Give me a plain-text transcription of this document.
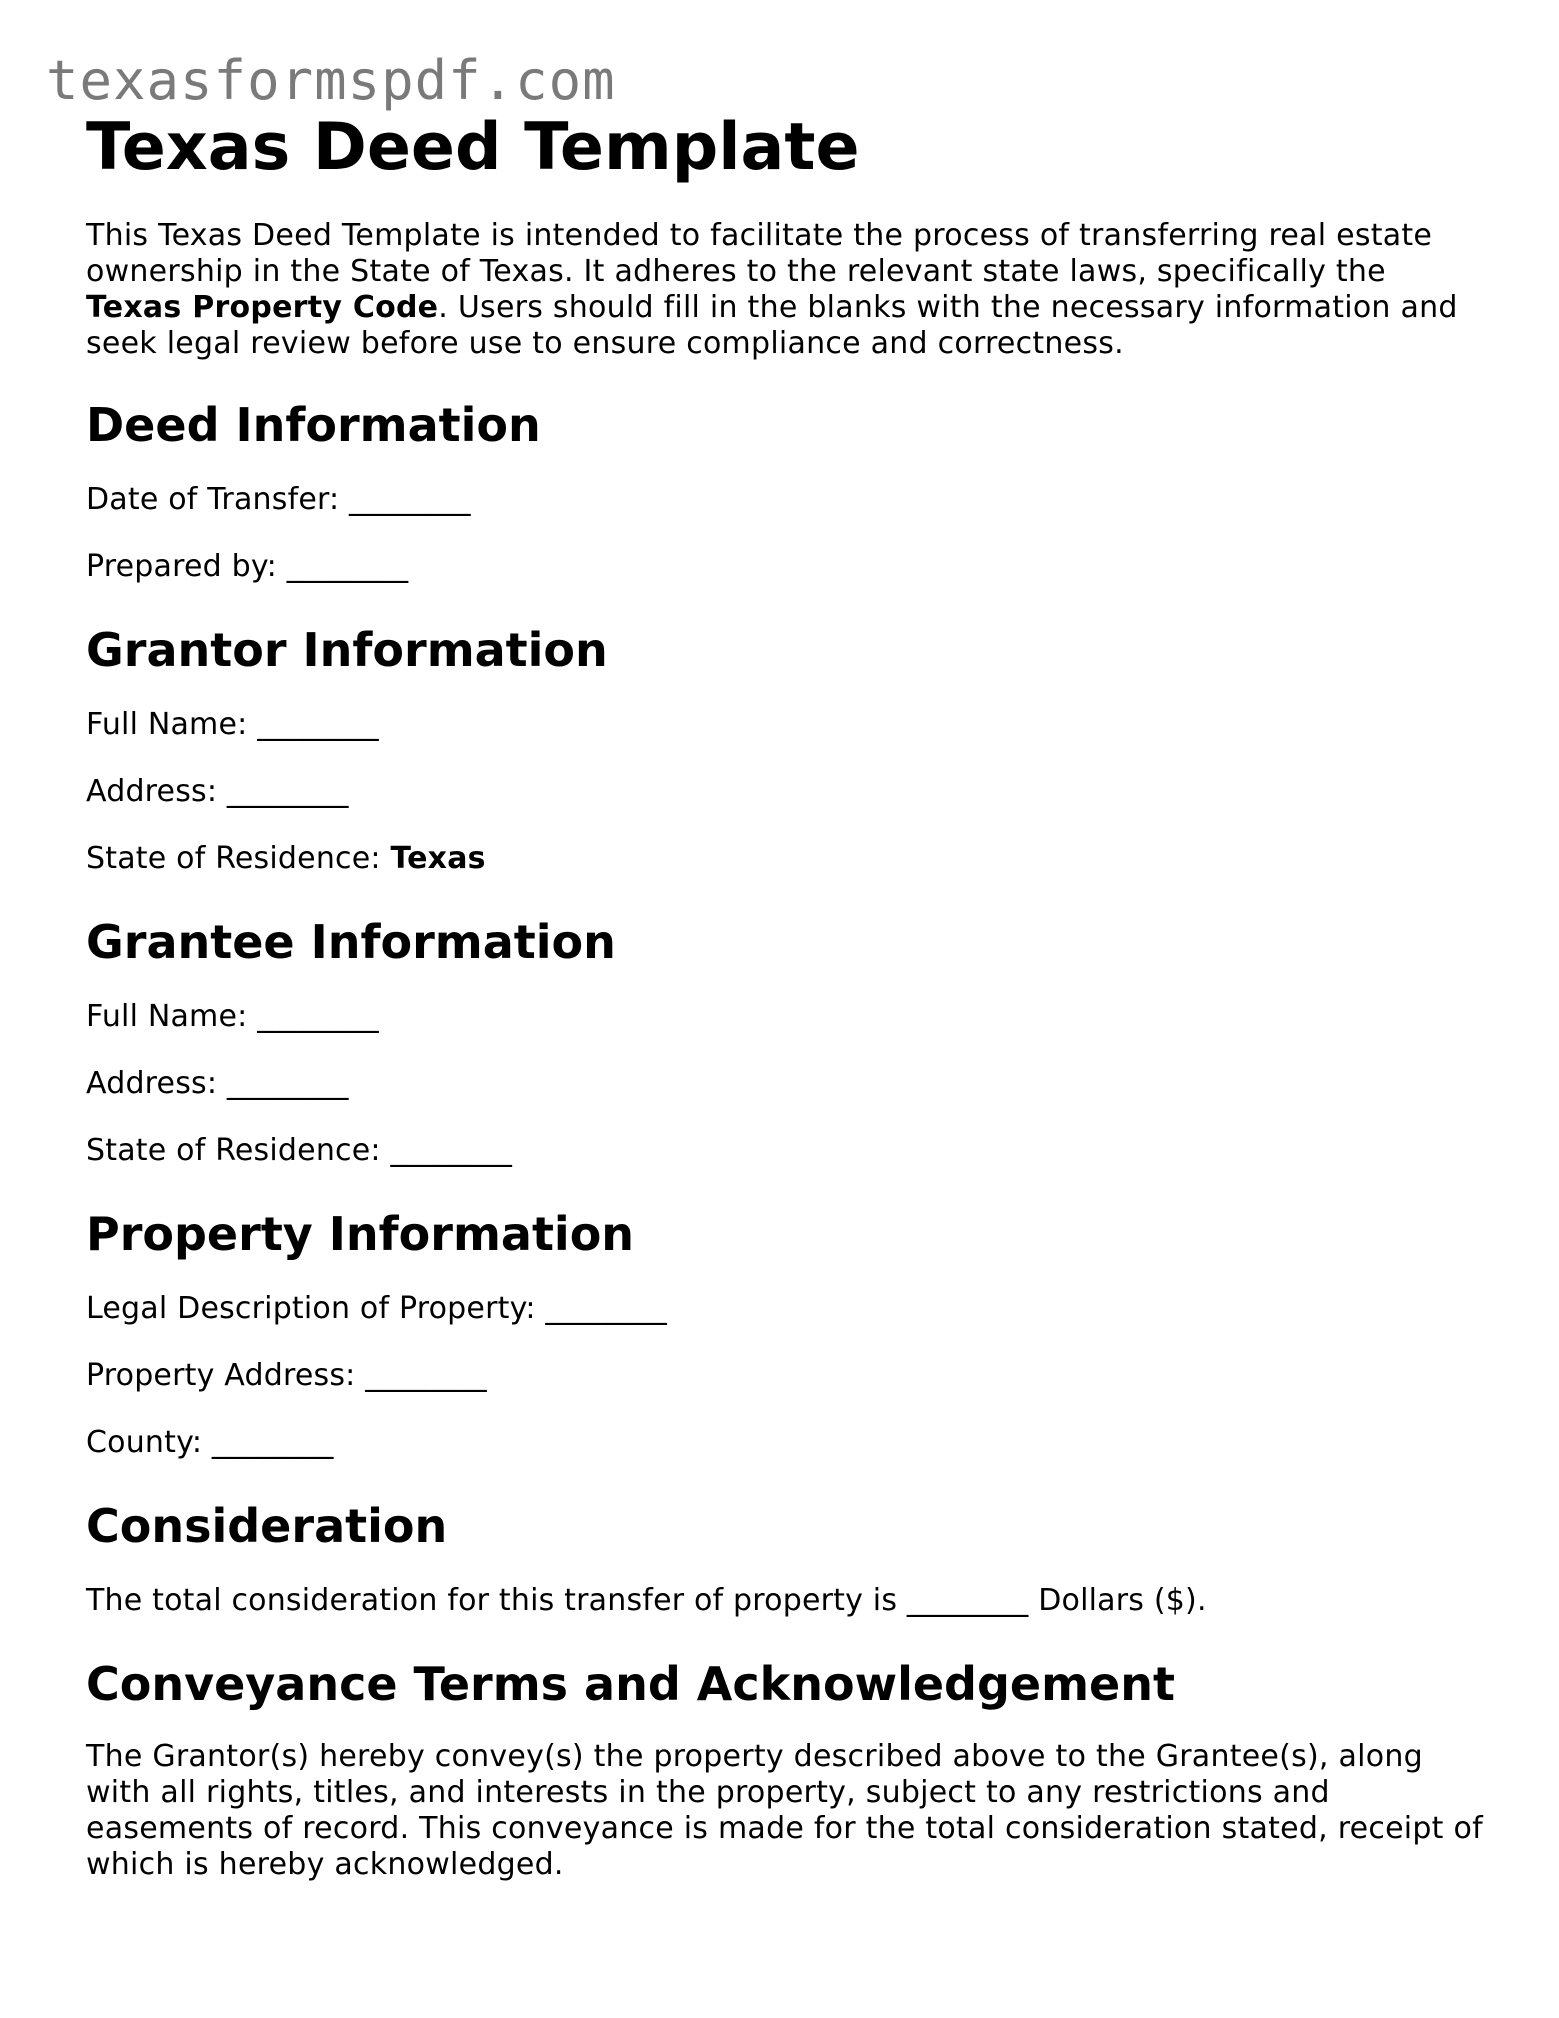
texasformspdf.com

Texas Deed Template

This Texas Deed Template is intended to facilitate the process of transferring real estate ownership in the State of Texas. It adheres to the relevant state laws, specifically the Texas Property Code. Users should fill in the blanks with the necessary information and seek legal review before use to ensure compliance and correctness.

Deed Information

Date of Transfer: ________

Prepared by: ________

Grantor Information

Full Name: ________

Address: ________

State of Residence: Texas

Grantee Information

Full Name: ________

Address: ________

State of Residence: ________

Property Information

Legal Description of Property: ________

Property Address: ________

County: ________

Consideration

The total consideration for this transfer of property is ________ Dollars ($).

Conveyance Terms and Acknowledgement

The Grantor(s) hereby convey(s) the property described above to the Grantee(s), along with all rights, titles, and interests in the property, subject to any restrictions and easements of record. This conveyance is made for the total consideration stated, receipt of which is hereby acknowledged.
